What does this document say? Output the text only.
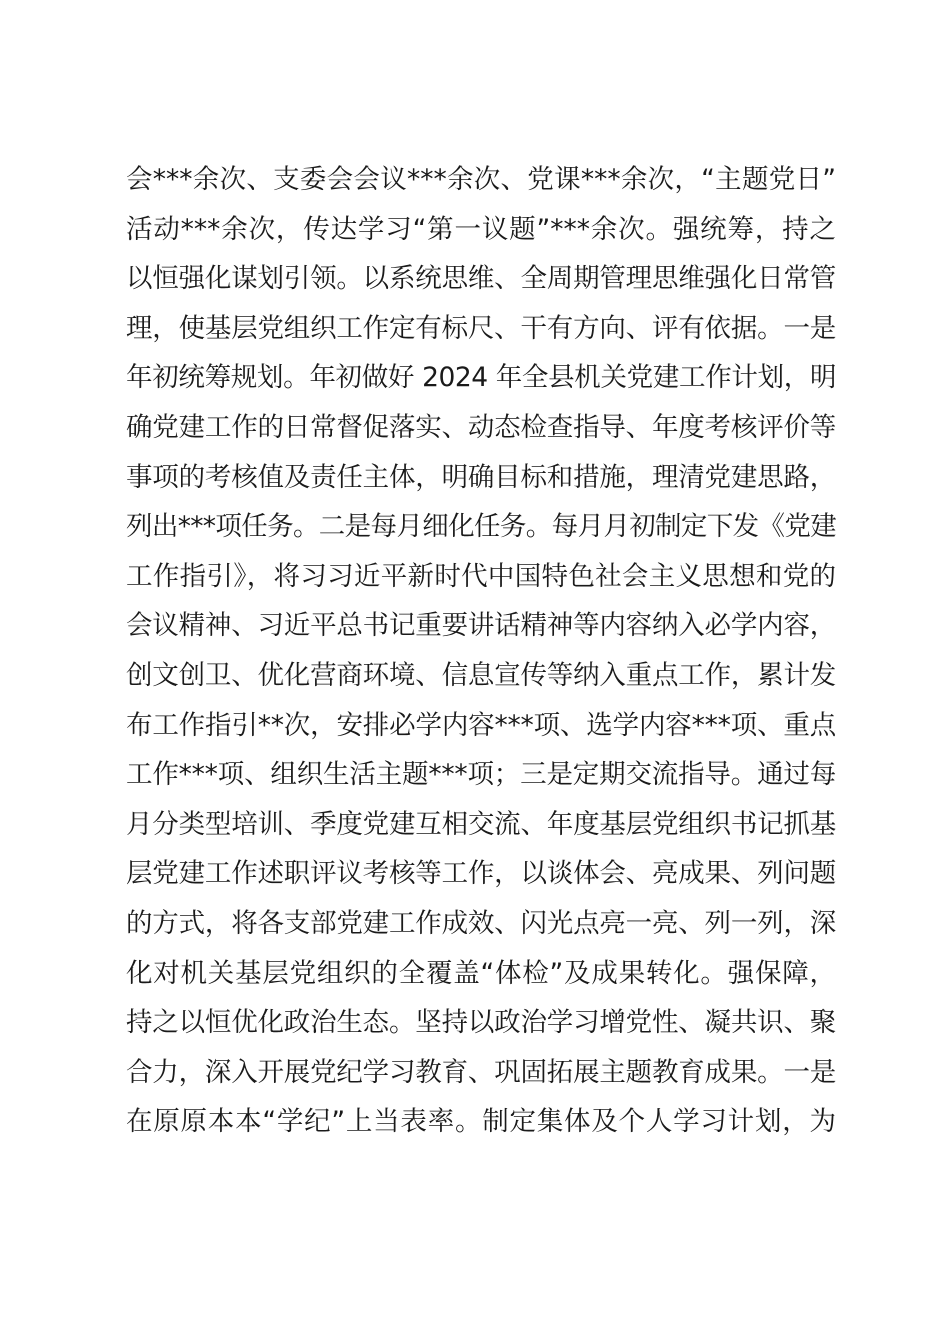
会***余次、支委会会议***余次、党课***余次，“主题党日”
活动***余次，传达学习“第一议题”***余次。强统筹，持之
以恒强化谋划引领。以系统思维、全周期管理思维强化日常管
理，使基层党组织工作定有标尺、干有方向、评有依据。一是
年初统筹规划。年初做好 2024 年全县机关党建工作计划，明
确党建工作的日常督促落实、动态检查指导、年度考核评价等
事项的考核值及责任主体，明确目标和措施，理清党建思路，
列出***项任务。二是每月细化任务。每月月初制定下发《党建
工作指引》，将习习近平新时代中国特色社会主义思想和党的
会议精神、习近平总书记重要讲话精神等内容纳入必学内容，
创文创卫、优化营商环境、信息宣传等纳入重点工作，累计发
布工作指引**次，安排必学内容***项、选学内容***项、重点
工作***项、组织生活主题***项；三是定期交流指导。通过每
月分类型培训、季度党建互相交流、年度基层党组织书记抓基
层党建工作述职评议考核等工作，以谈体会、亮成果、列问题
的方式，将各支部党建工作成效、闪光点亮一亮、列一列，深
化对机关基层党组织的全覆盖“体检”及成果转化。强保障，
持之以恒优化政治生态。坚持以政治学习增党性、凝共识、聚
合力，深入开展党纪学习教育、巩固拓展主题教育成果。一是
在原原本本“学纪”上当表率。制定集体及个人学习计划，为
